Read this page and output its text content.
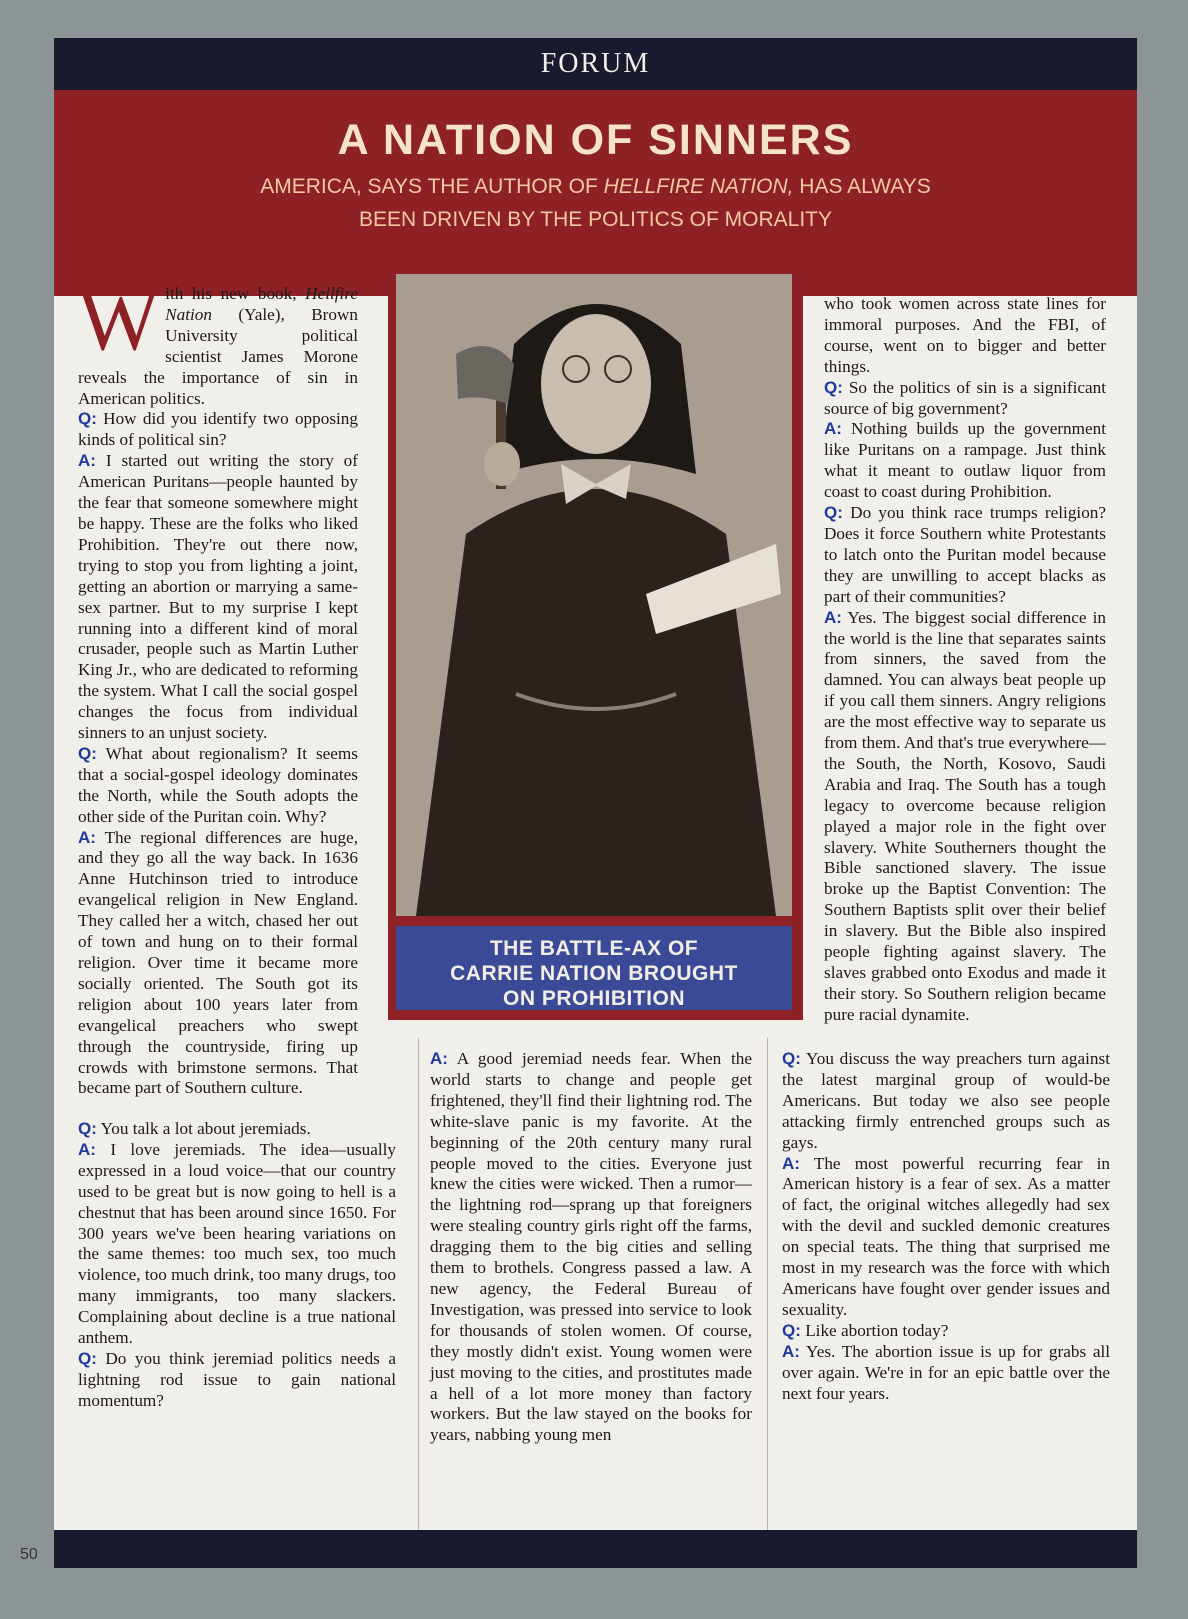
FORUM
A NATION OF SINNERS
AMERICA, SAYS THE AUTHOR OF HELLFIRE NATION, HAS ALWAYS
BEEN DRIVEN BY THE POLITICS OF MORALITY
W ith his new book, Hellfire Nation (Yale), Brown University political scientist James Morone reveals the importance of sin in American politics.

Q: How did you identify two opposing kinds of political sin?

A: I started out writing the story of American Puritans—people haunted by the fear that someone somewhere might be happy. These are the folks who liked Prohibition. They're out there now, trying to stop you from lighting a joint, getting an abortion or marrying a same-sex partner. But to my surprise I kept running into a different kind of moral crusader, people such as Martin Luther King Jr., who are dedicated to reforming the system. What I call the social gospel changes the focus from individual sinners to an unjust society.

Q: What about regionalism? It seems that a social-gospel ideology dominates the North, while the South adopts the other side of the Puritan coin. Why?

A: The regional differences are huge, and they go all the way back. In 1636 Anne Hutchinson tried to introduce evangelical religion in New England. They called her a witch, chased her out of town and hung on to their formal religion. Over time it became more socially oriented. The South got its religion about 100 years later from evangelical preachers who swept through the countryside, firing up crowds with brimstone sermons. That became part of Southern culture.

Q: You talk a lot about jeremiads.

A: I love jeremiads. The idea—usually expressed in a loud voice—that our country used to be great but is now going to hell is a chestnut that has been around since 1650. For 300 years we've been hearing variations on the same themes: too much sex, too much violence, too much drink, too many drugs, too many immigrants, too many slackers. Complaining about decline is a true national anthem.

Q: Do you think jeremiad politics needs a lightning rod issue to gain national momentum?

A: A good jeremiad needs fear. When the world starts to change and people get frightened, they'll find their lightning rod. The white-slave panic is my favorite. At the beginning of the 20th century many rural people moved to the cities. Everyone just knew the cities were wicked. Then a rumor—the lightning rod—sprang up that foreigners were stealing country girls right off the farms, dragging them to the big cities and selling them to brothels. Congress passed a law. A new agency, the Federal Bureau of Investigation, was pressed into service to look for thousands of stolen women. Of course, they mostly didn't exist. Young women were just moving to the cities, and prostitutes made a hell of a lot more money than factory workers. But the law stayed on the books for years, nabbing young men

who took women across state lines for immoral purposes. And the FBI, of course, went on to bigger and better things.

Q: So the politics of sin is a significant source of big government?

A: Nothing builds up the government like Puritans on a rampage. Just think what it meant to outlaw liquor from coast to coast during Prohibition.

Q: Do you think race trumps religion? Does it force Southern white Protestants to latch onto the Puritan model because they are unwilling to accept blacks as part of their communities?

A: Yes. The biggest social difference in the world is the line that separates saints from sinners, the saved from the damned. You can always beat people up if you call them sinners. Angry religions are the most effective way to separate us from them. And that's true everywhere—the South, the North, Kosovo, Saudi Arabia and Iraq. The South has a tough legacy to overcome because religion played a major role in the fight over slavery. White Southerners thought the Bible sanctioned slavery. The issue broke up the Baptist Convention: The Southern Baptists split over their belief in slavery. But the Bible also inspired people fighting against slavery. The slaves grabbed onto Exodus and made it their story. So Southern religion became pure racial dynamite.

Q: You discuss the way preachers turn against the latest marginal group of would-be Americans. But today we also see people attacking firmly entrenched groups such as gays.

A: The most powerful recurring fear in American history is a fear of sex. As a matter of fact, the original witches allegedly had sex with the devil and suckled demonic creatures on special teats. The thing that surprised me most in my research was the force with which Americans have fought over gender issues and sexuality.

Q: Like abortion today?

A: Yes. The abortion issue is up for grabs all over again. We're in for an epic battle over the next four years.

THE BATTLE-AX OF
CARRIE NATION BROUGHT
ON PROHIBITION
50
